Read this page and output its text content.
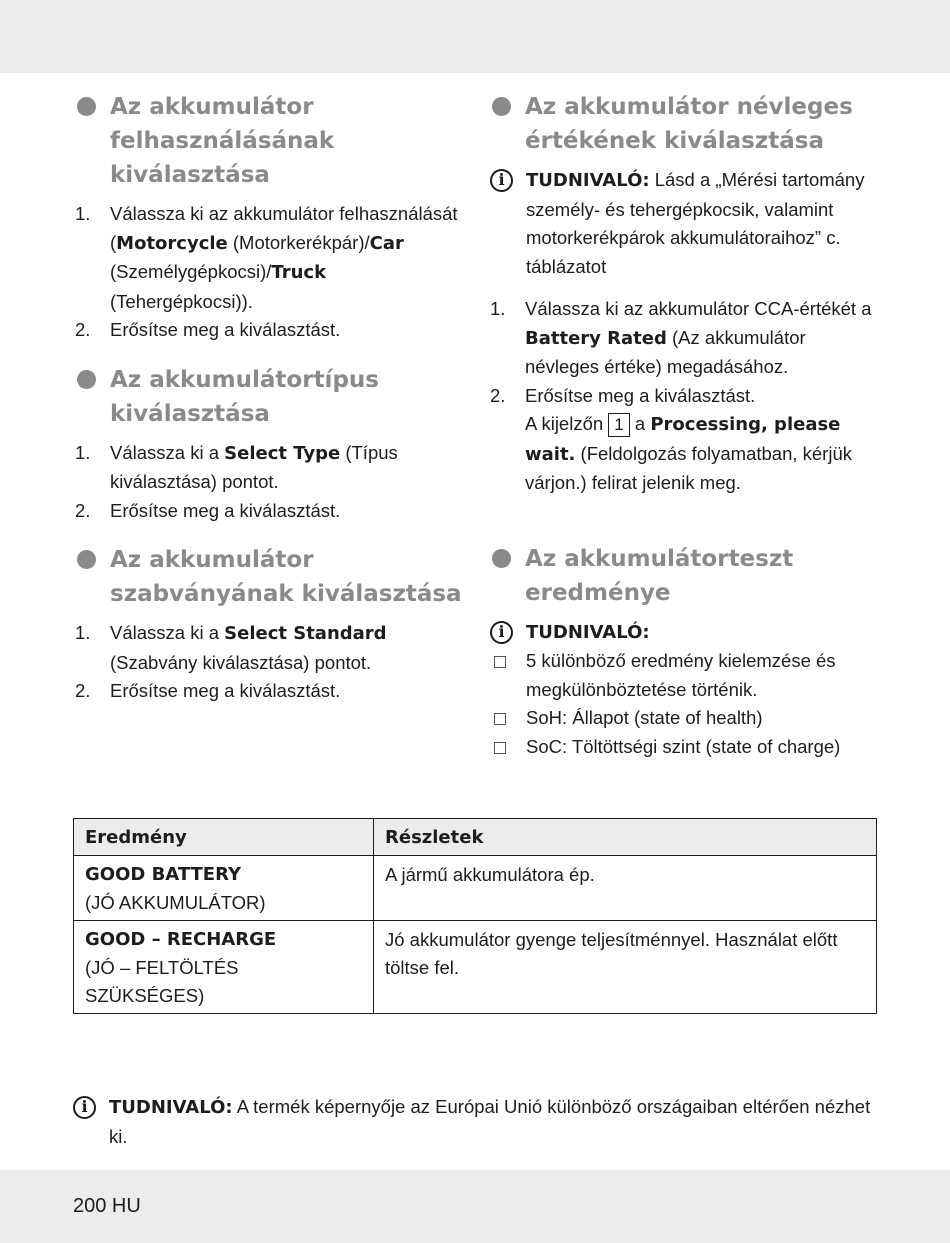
Az akkumulátor felhasználásának kiválasztása
1. Válassza ki az akkumulátor felhasználását (Motorcycle (Motorkerékpár)/Car (Személygépkocsi)/Truck (Tehergépkocsi)).
2. Erősítse meg a kiválasztást.
Az akkumulátortípus kiválasztása
1. Válassza ki a Select Type (Típus kiválasztása) pontot.
2. Erősítse meg a kiválasztást.
Az akkumulátor szabványának kiválasztása
1. Válassza ki a Select Standard (Szabvány kiválasztása) pontot.
2. Erősítse meg a kiválasztást.
Az akkumulátor névleges értékének kiválasztása
i
TUDNIVALÓ: Lásd a „Mérési tartomány személy- és tehergépkocsik, valamint motorkerékpárok akkumulátoraihoz” c. táblázatot
1. Válassza ki az akkumulátor CCA-értékét a Battery Rated (Az akkumulátor névleges értéke) megadásához.
2. Erősítse meg a kiválasztást.
A kijelzőn 1 a Processing, please wait. (Feldolgozás folyamatban, kérjük várjon.) felirat jelenik meg.
Az akkumulátorteszt eredménye
i
TUDNIVALÓ:
5 különböző eredmény kielemzése és megkülönböztetése történik.
SoH: Állapot (state of health)
SoC: Töltöttségi szint (state of charge)
Eredmény	Részletek

GOOD BATTERY
(JÓ AKKUMULÁTOR)	A jármű akkumulátora ép.

GOOD – RECHARGE
(JÓ – FELTÖLTÉS SZÜKSÉGES)	Jó akkumulátor gyenge teljesítménnyel. Használat előtt töltse fel.
i
TUDNIVALÓ: A termék képernyője az Európai Unió különböző országaiban eltérően nézhet ki.
200 HU
